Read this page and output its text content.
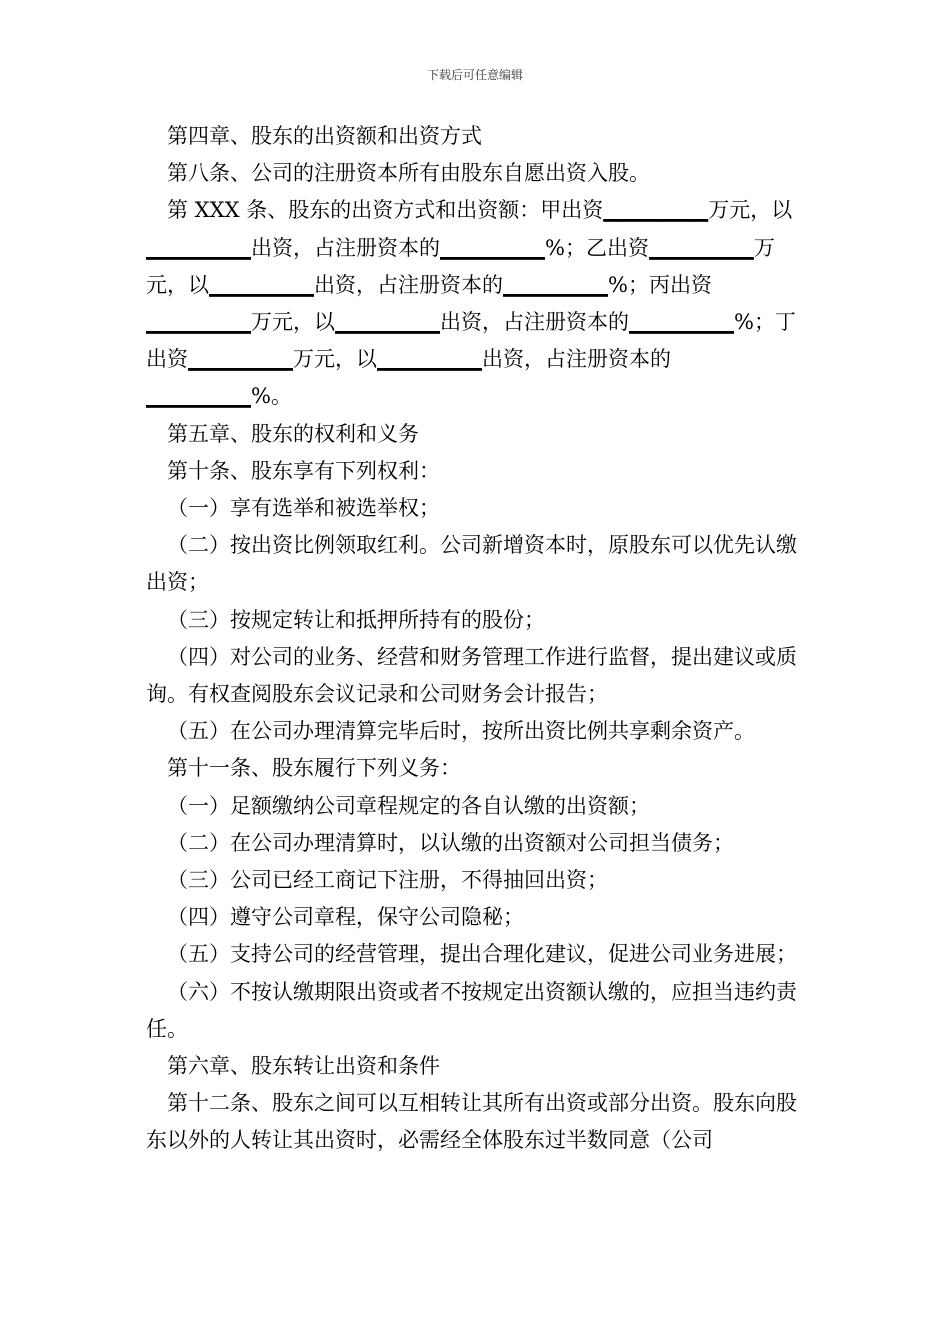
下载后可任意编辑

第四章、股东的出资额和出资方式

第八条、公司的注册资本所有由股东自愿出资入股。

第 XXX 条、股东的出资方式和出资额：甲出资__________万元，以__________出资，占注册资本的__________%；乙出资__________万元，以__________出资，占注册资本的__________%；丙出资__________万元，以__________出资，占注册资本的__________%；丁出资__________万元，以__________出资，占注册资本的__________%。

第五章、股东的权利和义务

第十条、股东享有下列权利：

（一）享有选举和被选举权；

（二）按出资比例领取红利。公司新增资本时，原股东可以优先认缴出资；

（三）按规定转让和抵押所持有的股份；

（四）对公司的业务、经营和财务管理工作进行监督，提出建议或质询。有权查阅股东会议记录和公司财务会计报告；

（五）在公司办理清算完毕后时，按所出资比例共享剩余资产。

第十一条、股东履行下列义务：

（一）足额缴纳公司章程规定的各自认缴的出资额；

（二）在公司办理清算时，以认缴的出资额对公司担当债务；

（三）公司已经工商记下注册，不得抽回出资；

（四）遵守公司章程，保守公司隐秘；

（五）支持公司的经营管理，提出合理化建议，促进公司业务进展；

（六）不按认缴期限出资或者不按规定出资额认缴的，应担当违约责任。

第六章、股东转让出资和条件

第十二条、股东之间可以互相转让其所有出资或部分出资。股东向股东以外的人转让其出资时，必需经全体股东过半数同意（公司
